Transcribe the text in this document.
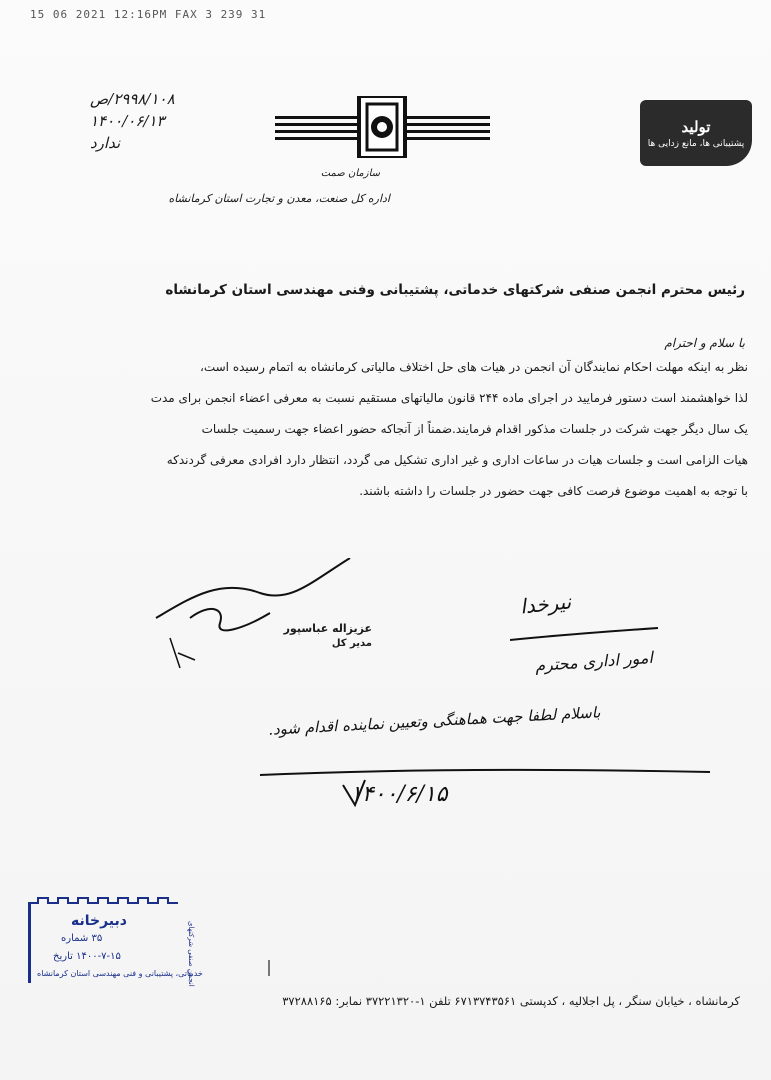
15 06 2021 12:16PM FAX 3 239 31
۲۹۹۸/۱۰۸/ص
۱۴۰۰/۰۶/۱۳
ندارد
سازمان صمت
اداره کل صنعت، معدن و تجارت استان کرمانشاه
تولید
پشتیبانی ها، مانع زدایی ها
رئیس محترم انجمن صنفی شرکتهای خدماتی، پشتیبانی وفنی مهندسی استان کرمانشاه
با سلام و احترام

نظر به اینکه مهلت احکام نمایندگان آن انجمن در هیات های حل اختلاف مالیاتی کرمانشاه به اتمام رسیده است،

لذا خواهشمند است دستور فرمایید در اجرای ماده ۲۴۴ قانون مالیاتهای مستقیم نسبت به معرفی اعضاء انجمن برای مدت

یک سال دیگر جهت شرکت در جلسات مذکور اقدام فرمایند.ضمناً از آنجاکه حضور اعضاء جهت رسمیت جلسات

هیات الزامی است و جلسات هیات در ساعات اداری و غیر اداری تشکیل می گردد، انتظار دارد افرادی معرفی گردندکه

با توجه به اهمیت موضوع فرصت کافی جهت حضور در جلسات را داشته باشند.

عزیزاله عباسپور
مدیر کل
نیرخدا
امور اداری محترم
باسلام لطفا جهت هماهنگی وتعیین نماینده اقدام شود.
۱۴۰۰/۶/۱۵
دبیرخانه
۳۵ شماره
۱۴۰۰-۷-۱۵ تاریخ
خدماتی، پشتیبانی و فنی مهندسی استان کرمانشاه
انجمن صنفی شرکتهای
کرمانشاه ، خیابان سنگر ، پل اجلالیه ، کدپستی ۶۷۱۳۷۴۳۵۶۱ تلفن ۱-۳۷۲۲۱۳۲۰ نمابر: ۳۷۲۸۸۱۶۵
